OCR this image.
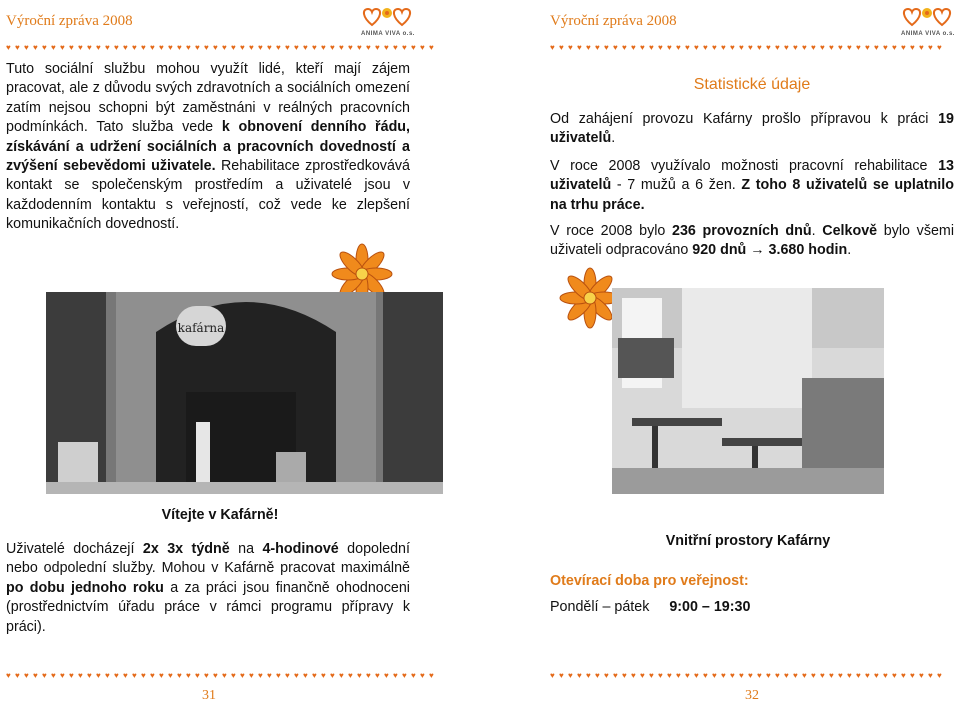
Výroční zpráva 2008
ANIMA VIVA o.s.
♥ ♥ ♥ ♥ ♥ ♥ ♥ ♥ ♥ ♥ ♥ ♥ ♥ ♥ ♥ ♥ ♥ ♥ ♥ ♥ ♥ ♥ ♥ ♥ ♥ ♥ ♥ ♥ ♥ ♥ ♥ ♥ ♥ ♥ ♥ ♥ ♥ ♥ ♥ ♥ ♥ ♥ ♥ ♥ ♥ ♥ ♥ ♥
Tuto sociální službu mohou využít lidé, kteří mají zájem pracovat, ale z důvodu svých zdravotních a sociálních omezení zatím nejsou schopni být zaměstnáni v reálných pracovních podmínkách. Tato služba vede k obnovení denního řádu, získávání a udržení sociálních a pracovních dovedností a zvýšení sebevědomi uživatele. Rehabilitace zprostředkovává kontakt se společenským prostředím a uživatelé jsou v každodenním kontaktu s veřejností, což vede ke zlepšení komunikačních dovedností.
kafárna
Vítejte v Kafárně!
Uživatelé docházejí 2x 3x týdně na 4-hodinové dopolední nebo odpolední služby. Mohou v Kafárně pracovat maximálně po dobu jednoho roku a za práci jsou finančně ohodnoceni (prostřednictvím úřadu práce v rámci programu přípravy k práci).
♥ ♥ ♥ ♥ ♥ ♥ ♥ ♥ ♥ ♥ ♥ ♥ ♥ ♥ ♥ ♥ ♥ ♥ ♥ ♥ ♥ ♥ ♥ ♥ ♥ ♥ ♥ ♥ ♥ ♥ ♥ ♥ ♥ ♥ ♥ ♥ ♥ ♥ ♥ ♥ ♥ ♥ ♥ ♥ ♥ ♥ ♥ ♥
31
Výroční zpráva 2008
ANIMA VIVA o.s.
♥ ♥ ♥ ♥ ♥ ♥ ♥ ♥ ♥ ♥ ♥ ♥ ♥ ♥ ♥ ♥ ♥ ♥ ♥ ♥ ♥ ♥ ♥ ♥ ♥ ♥ ♥ ♥ ♥ ♥ ♥ ♥ ♥ ♥ ♥ ♥ ♥ ♥ ♥ ♥ ♥ ♥ ♥ ♥
Statistické údaje
Od zahájení provozu Kafárny prošlo přípravou k práci 19 uživatelů.
V roce 2008 využívalo možnosti pracovní rehabilitace 13 uživatelů - 7 mužů a 6 žen. Z toho 8 uživatelů se uplatnilo na trhu práce.
V roce 2008 bylo 236 provozních dnů. Celkově bylo všemi uživateli odpracováno 920 dnů → 3.680 hodin.
Vnitřní prostory Kafárny
Otevírací doba pro veřejnost:
Pondělí – pátek 9:00 – 19:30
♥ ♥ ♥ ♥ ♥ ♥ ♥ ♥ ♥ ♥ ♥ ♥ ♥ ♥ ♥ ♥ ♥ ♥ ♥ ♥ ♥ ♥ ♥ ♥ ♥ ♥ ♥ ♥ ♥ ♥ ♥ ♥ ♥ ♥ ♥ ♥ ♥ ♥ ♥ ♥ ♥ ♥ ♥ ♥
32
